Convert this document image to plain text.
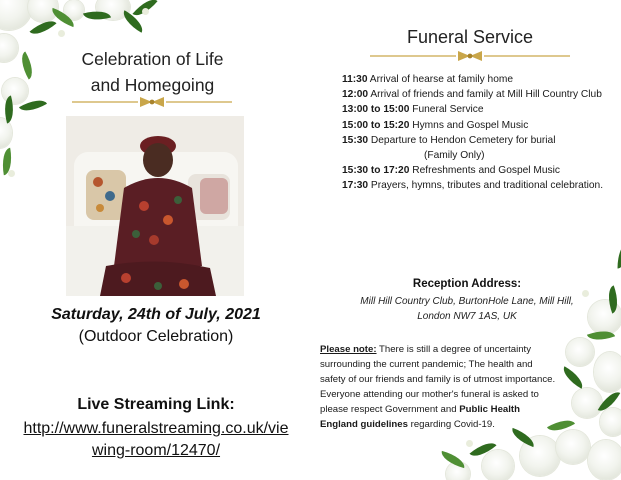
Celebration of Life
and Homegoing
Saturday, 24th of July, 2021
(Outdoor Celebration)
Live Streaming Link:
http://www.funeralstreaming.co.uk/viewing-room/12470/
Funeral Service
11:30 Arrival of hearse at family home
12:00 Arrival of friends and family at Mill Hill Country Club
13:00 to 15:00 Funeral Service
15:00 to 15:20 Hymns and Gospel Music
15:30 Departure to Hendon Cemetery for burial
(Family Only)
15:30 to 17:20 Refreshments and Gospel Music
17:30 Prayers, hymns, tributes and traditional celebration.
Reception Address:
Mill Hill Country Club, BurtonHole Lane, Mill Hill,
London NW7 1AS, UK
Please note: There is still a degree of uncertainty surrounding the current pandemic; The health and safety of our friends and family is of utmost importance. Everyone attending our mother's funeral is asked to please respect Government and Public Health England guidelines regarding Covid-19.
